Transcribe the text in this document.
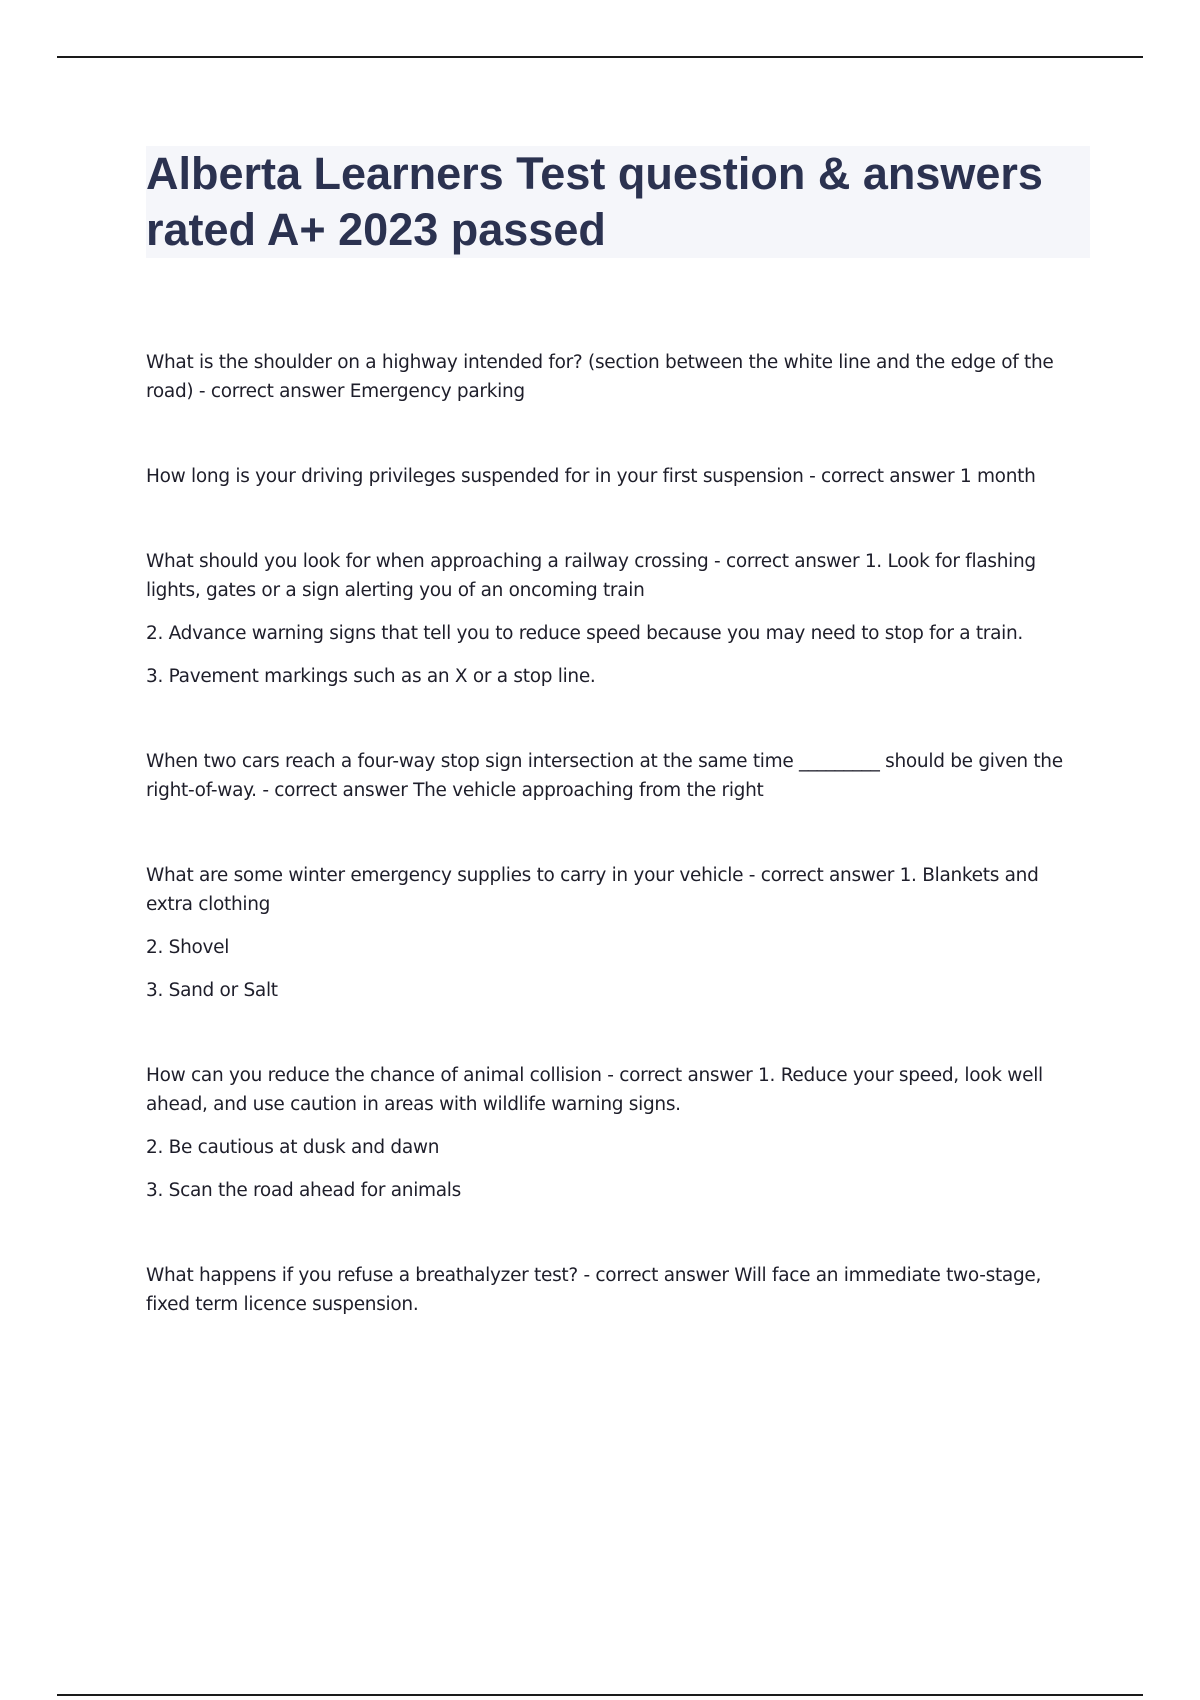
Alberta Learners Test question & answers rated A+ 2023 passed

What is the shoulder on a highway intended for? (section between the white line and the edge of the road) - correct answer Emergency parking

How long is your driving privileges suspended for in your first suspension - correct answer 1 month

What should you look for when approaching a railway crossing - correct answer 1. Look for flashing lights, gates or a sign alerting you of an oncoming train

2. Advance warning signs that tell you to reduce speed because you may need to stop for a train.

3. Pavement markings such as an X or a stop line.

When two cars reach a four-way stop sign intersection at the same time _________ should be given the right-of-way. - correct answer The vehicle approaching from the right

What are some winter emergency supplies to carry in your vehicle - correct answer 1. Blankets and extra clothing

2. Shovel

3. Sand or Salt

How can you reduce the chance of animal collision - correct answer 1. Reduce your speed, look well ahead, and use caution in areas with wildlife warning signs.

2. Be cautious at dusk and dawn

3. Scan the road ahead for animals

What happens if you refuse a breathalyzer test? - correct answer Will face an immediate two-stage, fixed term licence suspension.
